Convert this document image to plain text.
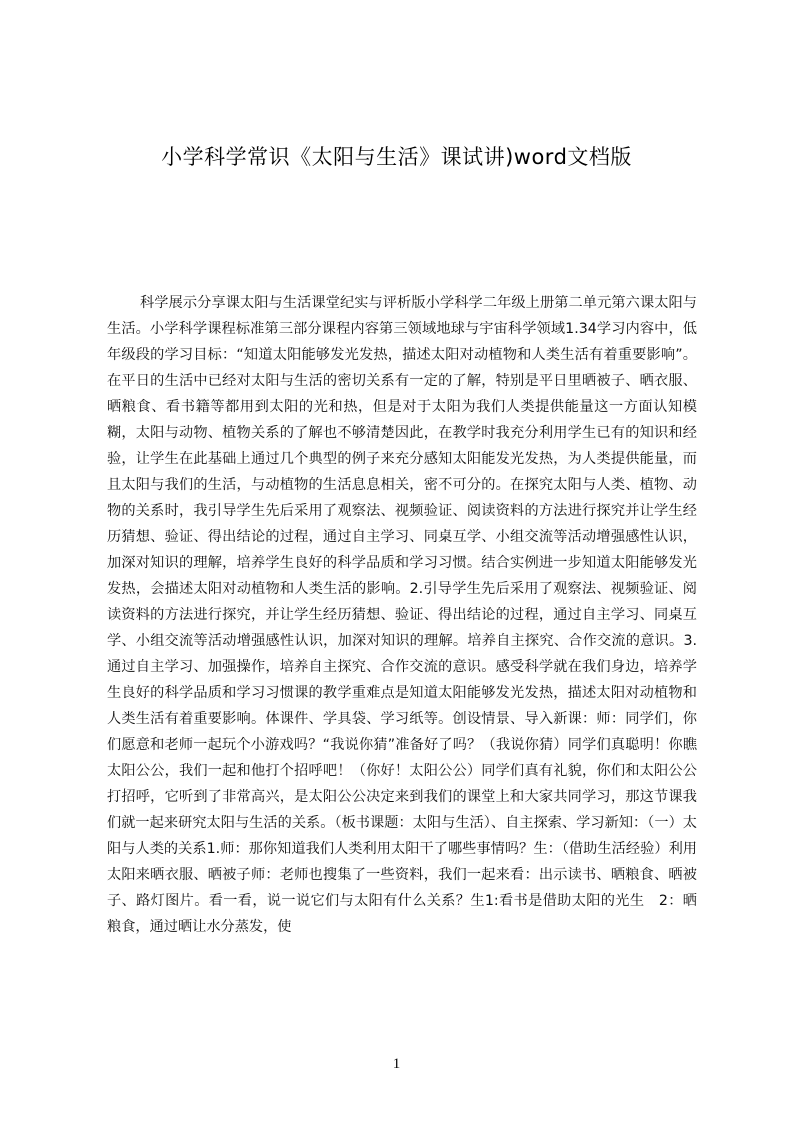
小学科学常识《太阳与生活》课试讲)word文档版
科学展示分享课太阳与生活课堂纪实与评析版小学科学二年级上册第二单元第六课太阳与生活。小学科学课程标准第三部分课程内容第三领域地球与宇宙科学领域1.34学习内容中，低年级段的学习目标：“知道太阳能够发光发热，描述太阳对动植物和人类生活有着重要影响”。在平日的生活中已经对太阳与生活的密切关系有一定的了解，特别是平日里晒被子、晒衣服、晒粮食、看书籍等都用到太阳的光和热，但是对于太阳为我们人类提供能量这一方面认知模糊，太阳与动物、植物关系的了解也不够清楚因此，在教学时我充分利用学生已有的知识和经验，让学生在此基础上通过几个典型的例子来充分感知太阳能发光发热，为人类提供能量，而且太阳与我们的生活，与动植物的生活息息相关，密不可分的。在探究太阳与人类、植物、动物的关系时，我引导学生先后采用了观察法、视频验证、阅读资料的方法进行探究并让学生经历猜想、验证、得出结论的过程，通过自主学习、同桌互学、小组交流等活动增强感性认识，加深对知识的理解，培养学生良好的科学品质和学习习惯。结合实例进一步知道太阳能够发光发热，会描述太阳对动植物和人类生活的影响。2.引导学生先后采用了观察法、视频验证、阅读资料的方法进行探究，并让学生经历猜想、验证、得出结论的过程，通过自主学习、同桌互学、小组交流等活动增强感性认识，加深对知识的理解。培养自主探究、合作交流的意识。3.通过自主学习、加强操作，培养自主探究、合作交流的意识。感受科学就在我们身边，培养学生良好的科学品质和学习习惯课的教学重难点是知道太阳能够发光发热，描述太阳对动植物和人类生活有着重要影响。体课件、学具袋、学习纸等。创设情景、导入新课：师：同学们，你们愿意和老师一起玩个小游戏吗？“我说你猜”准备好了吗？（我说你猜）同学们真聪明！你瞧太阳公公，我们一起和他打个招呼吧！（你好！太阳公公）同学们真有礼貌，你们和太阳公公打招呼，它听到了非常高兴，是太阳公公决定来到我们的课堂上和大家共同学习，那这节课我们就一起来研究太阳与生活的关系。（板书课题：太阳与生活）、自主探索、学习新知：（一）太阳与人类的关系1.师：那你知道我们人类利用太阳干了哪些事情吗？生：（借助生活经验）利用太阳来晒衣服、晒被子师：老师也搜集了一些资料，我们一起来看：出示读书、晒粮食、晒被子、路灯图片。看一看，说一说它们与太阳有什么关系？生1:看书是借助太阳的光生　2：晒粮食，通过晒让水分蒸发，使
1
